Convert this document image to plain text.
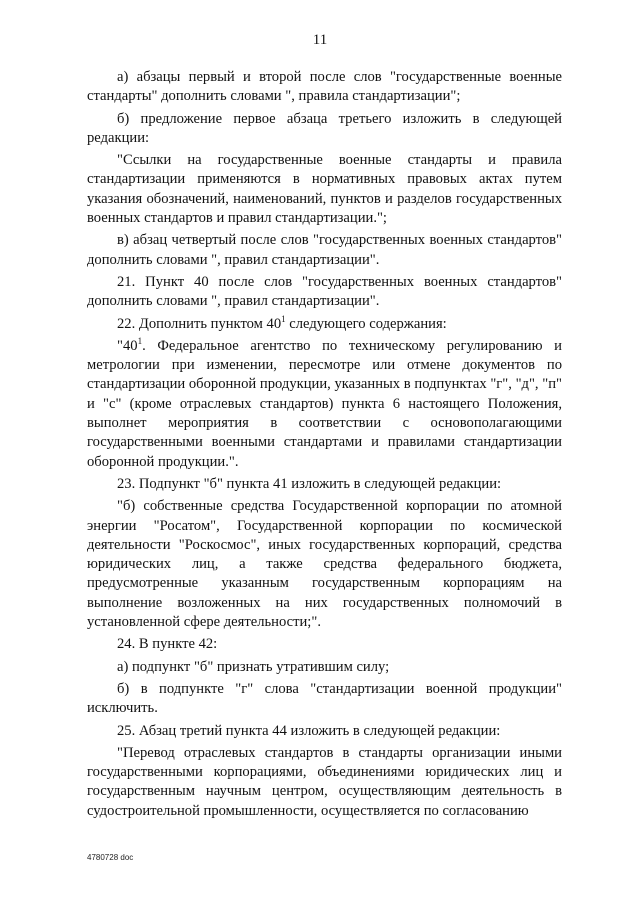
11

а) абзацы первый и второй после слов "государственные военные стандарты" дополнить словами ", правила стандартизации";

б) предложение первое абзаца третьего изложить в следующей редакции:

"Ссылки на государственные военные стандарты и правила стандартизации применяются в нормативных правовых актах путем указания обозначений, наименований, пунктов и разделов государственных военных стандартов и правил стандартизации.";

в) абзац четвертый после слов "государственных военных стандартов" дополнить словами ", правил стандартизации".

21. Пункт 40 после слов "государственных военных стандартов" дополнить словами ", правил стандартизации".

22. Дополнить пунктом $40^1$ следующего содержания:

"$40^1$. Федеральное агентство по техническому регулированию и метрологии при изменении, пересмотре или отмене документов по стандартизации оборонной продукции, указанных в подпунктах "г", "д", "п" и "с" (кроме отраслевых стандартов) пункта 6 настоящего Положения, выполнет мероприятия в соответствии с основополагающими государственными военными стандартами и правилами стандартизации оборонной продукции.".

23. Подпункт "б" пункта 41 изложить в следующей редакции:

"б) собственные средства Государственной корпорации по атомной энергии "Росатом", Государственной корпорации по космической деятельности "Роскосмос", иных государственных корпораций, средства юридических лиц, а также средства федерального бюджета, предусмотренные указанным государственным корпорациям на выполнение возложенных на них государственных полномочий в установленной сфере деятельности;".

24. В пункте 42:

а) подпункт "б" признать утратившим силу;

б) в подпункте "г" слова "стандартизации военной продукции" исключить.

25. Абзац третий пункта 44 изложить в следующей редакции:

"Перевод отраслевых стандартов в стандарты организации иными государственными корпорациями, объединениями юридических лиц и государственным научным центром, осуществляющим деятельность в судостроительной промышленности, осуществляется по согласованию

4780728 doc
